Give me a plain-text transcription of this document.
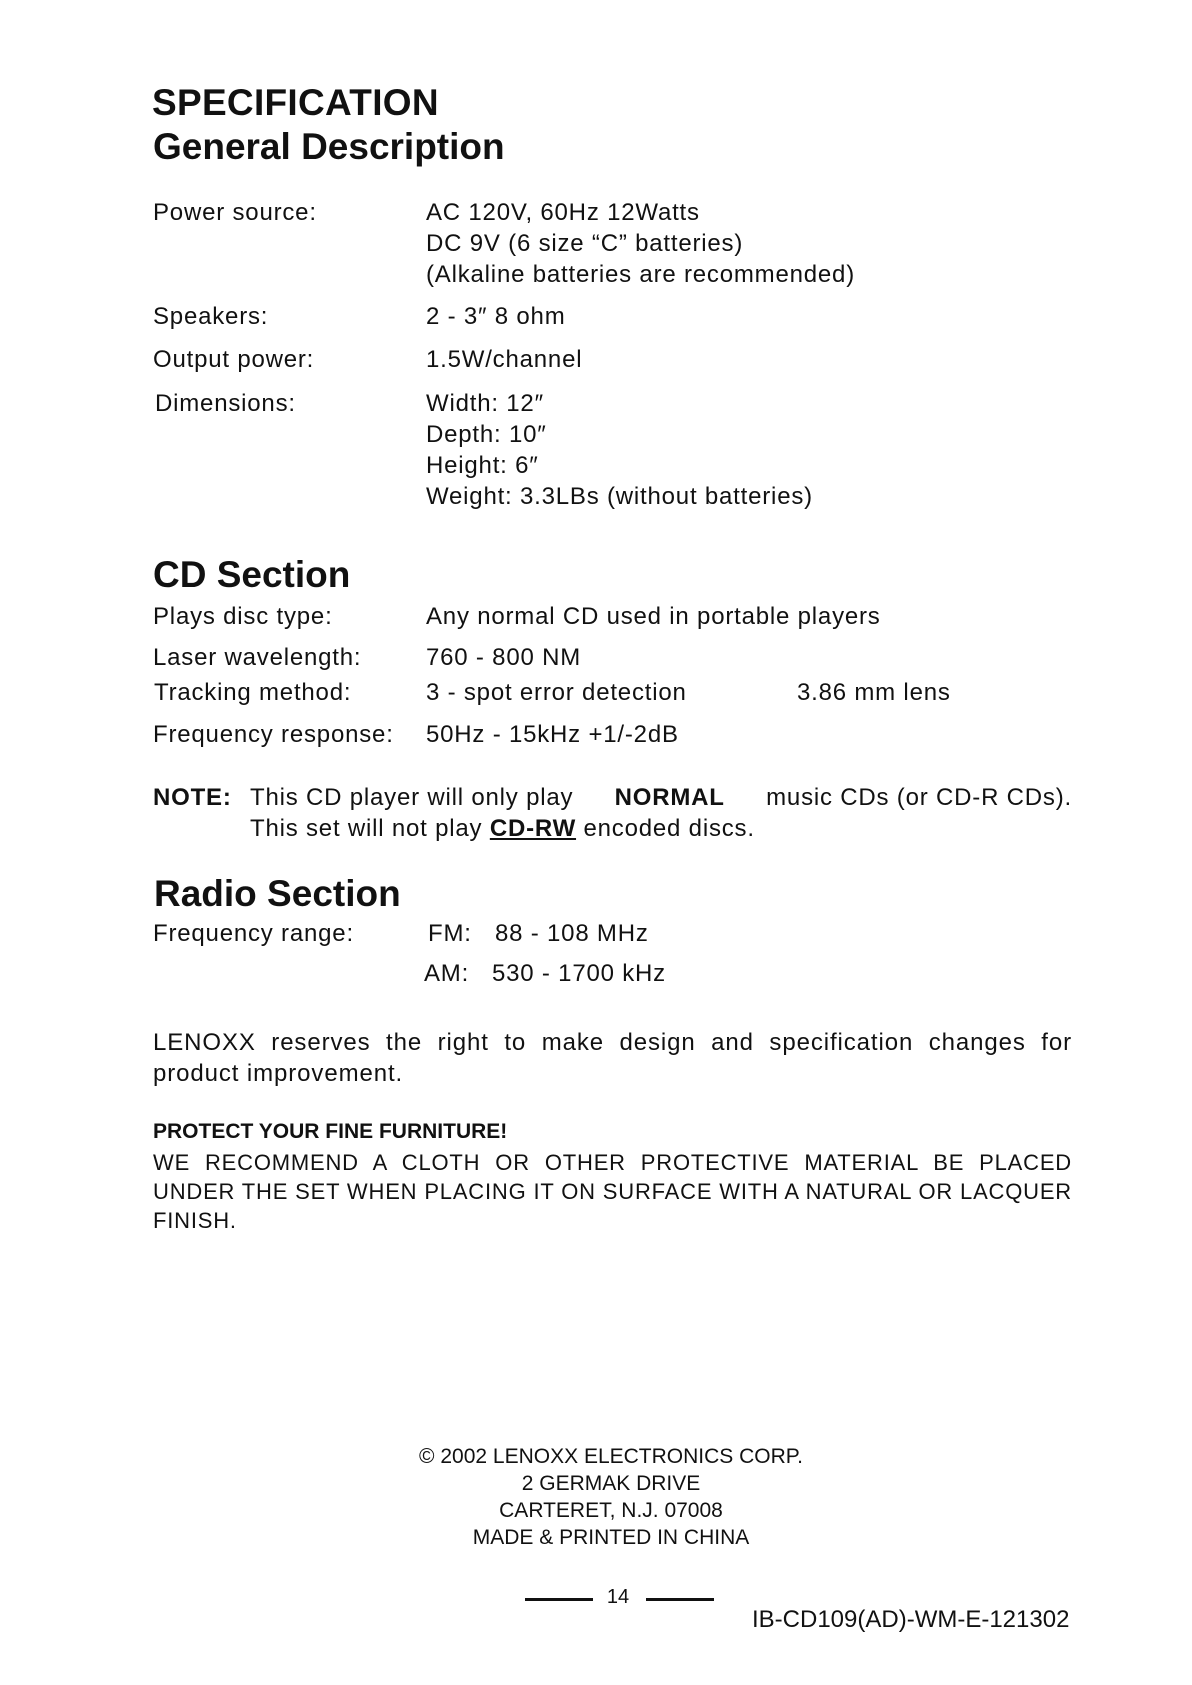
SPECIFICATION
General Description
Power source:	AC 120V, 60Hz 12Watts
DC 9V (6 size “C” batteries)
(Alkaline batteries are recommended)
Speakers:	2 - 3″ 8 ohm
Output power:	1.5W/channel
Dimensions:	Width: 12″
Depth: 10″
Height: 6″
Weight: 3.3LBs (without batteries)
CD Section
Plays disc type:	Any normal CD used in portable players
Laser wavelength:	760 - 800 NM
Tracking method:	3 - spot error detection	3.86 mm lens
Frequency response: 50Hz - 15kHz +1/-2dB
NOTE: This CD player will only play NORMAL music CDs (or CD-R CDs).
This set will not play CD-RW encoded discs.
Radio Section
Frequency range:	FM: 88 - 108 MHz
AM: 530 - 1700 kHz
LENOXX reserves the right to make design and specification changes for product improvement.
PROTECT YOUR FINE FURNITURE!
WE RECOMMEND A CLOTH OR OTHER PROTECTIVE MATERIAL BE PLACED UNDER THE SET WHEN PLACING IT ON SURFACE WITH A NATURAL OR LACQUER FINISH.
© 2002 LENOXX ELECTRONICS CORP.
2 GERMAK DRIVE
CARTERET, N.J. 07008
MADE & PRINTED IN CHINA
14
IB-CD109(AD)-WM-E-121302
